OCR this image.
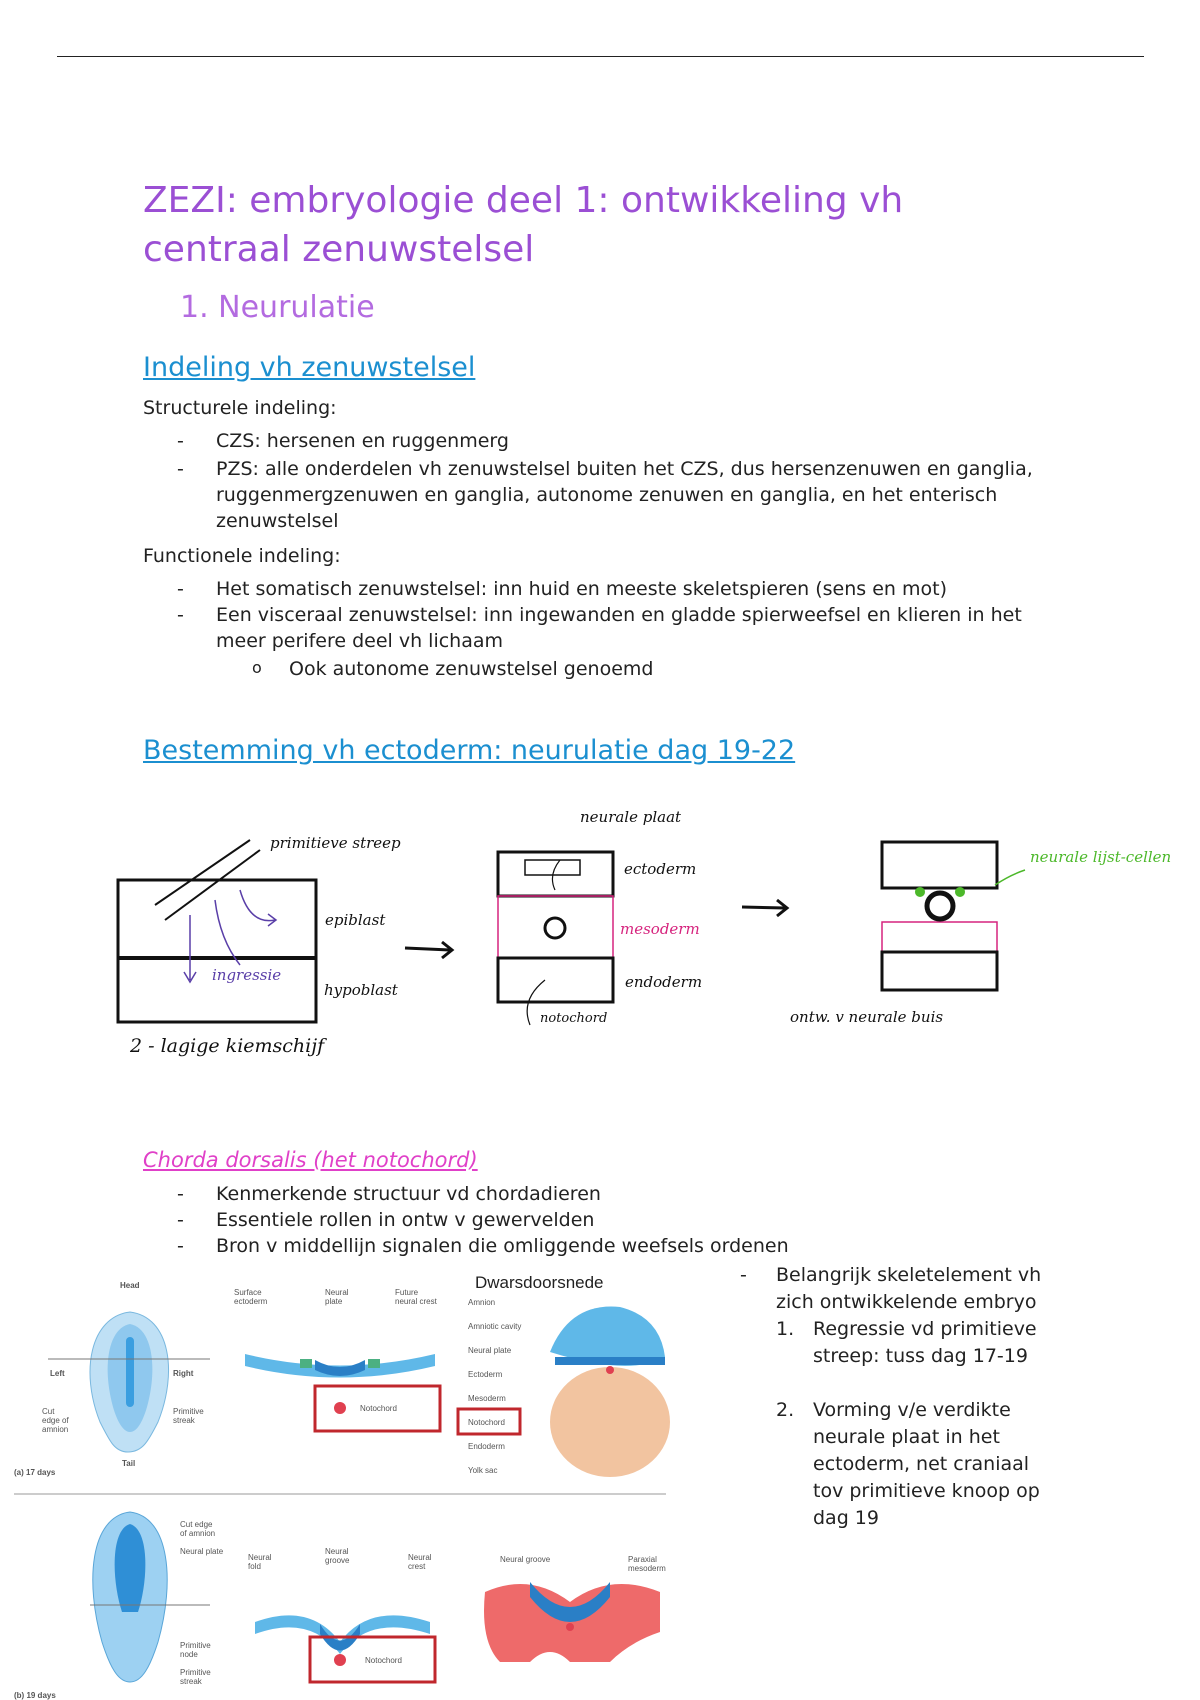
ZEZI: embryologie deel 1: ontwikkeling vh centraal zenuwstelsel
1. Neurulatie
Indeling vh zenuwstelsel

Structurele indeling:

- CZS: hersenen en ruggenmerg
- PZS: alle onderdelen vh zenuwstelsel buiten het CZS, dus hersenzenuwen en ganglia, ruggenmergzenuwen en ganglia, autonome zenuwen en ganglia, en het enterisch zenuwstelsel

Functionele indeling:

- Het somatisch zenuwstelsel: inn huid en meeste skeletspieren (sens en mot)
- Een visceraal zenuwstelsel: inn ingewanden en gladde spierweefsel en klieren in het meer perifere deel vh lichaam
o Ook autonome zenuwstelsel genoemd
Bestemming vh ectoderm: neurulatie dag 19-22
primitieve streep
epiblast
ingressie
hypoblast
2 - lagige kiemschijf
neurale plaat
ectoderm
mesoderm
endoderm
notochord
neurale lijst-cellen
ontw. v neurale buis
Chorda dorsalis (het notochord)
- Kenmerkende structuur vd chordadieren
- Essentiele rollen in ontw v gewervelden
- Bron v middellijn signalen die omliggende weefsels ordenen
Head
Left	Right
Tail
Cut
edge of
amnion
Primitive
streak
(a) 17 days
Notochord
Surface
ectoderm
Neural
plate
Future
neural crest
Dwarsdoorsnede
Amnion
Amniotic cavity
Neural plate
Ectoderm
Mesoderm
Notochord
Endoderm
Yolk sac
Cut edge
of amnion
Neural plate
Primitive
node
Primitive
streak
(b) 19 days
Notochord
Neural
fold
Neural
groove	Neural
crest
Neural groove	Paraxial
mesoderm
- Belangrijk skeletelement vh zich ontwikkelende embryo
1. Regressie vd primitieve
streep: tuss dag 17-19
2. Vorming v/e verdikte
neurale plaat in het
ectoderm, net craniaal
tov primitieve knoop op
dag 19
